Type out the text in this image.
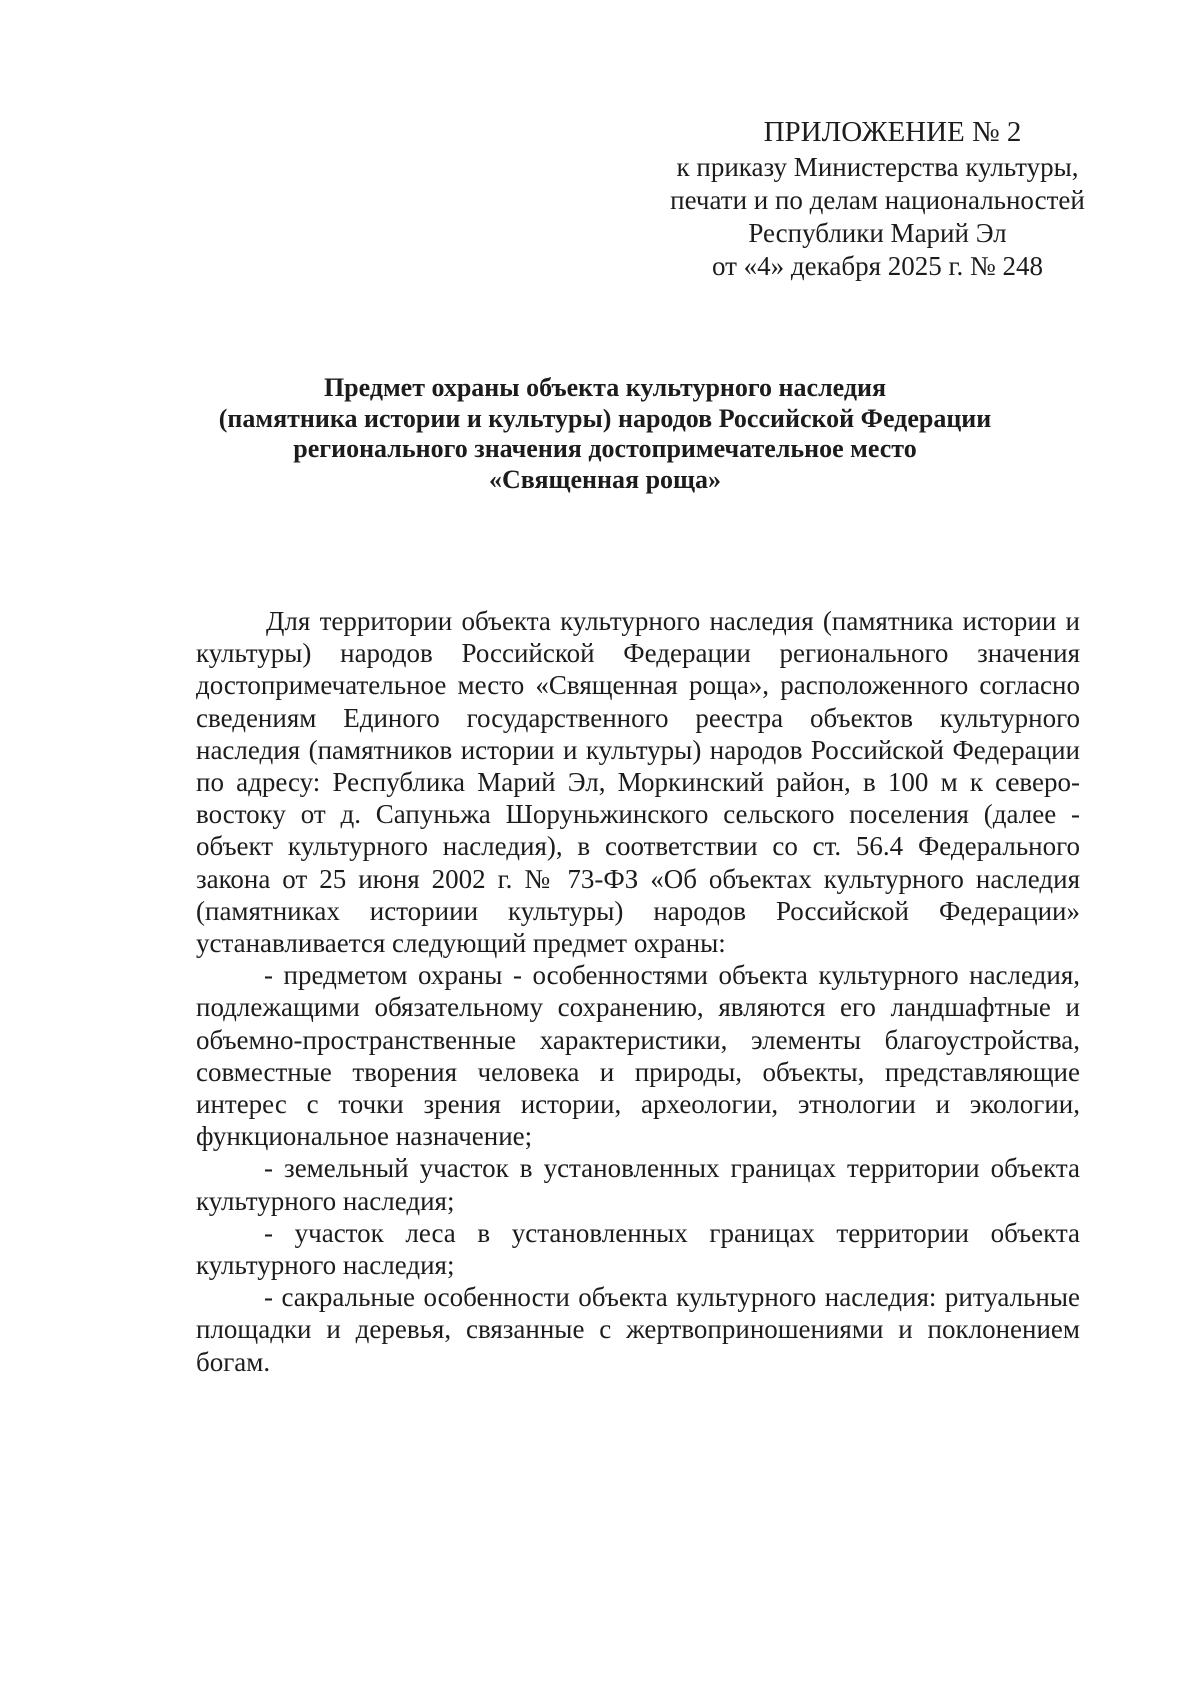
ПРИЛОЖЕНИЕ № 2
к приказу Министерства культуры,
печати и по делам национальностей
Республики Марий Эл
от «4» декабря 2025 г. № 248
Предмет охраны объекта культурного наследия
(памятника истории и культуры) народов Российской Федерации
регионального значения достопримечательное место
«Священная роща»

Для территории объекта культурного наследия (памятника истории и культуры) народов Российской Федерации регионального значения достопримечательное место «Священная роща», расположенного согласно сведениям Единого государственного реестра объектов культурного наследия (памятников истории и культуры) народов Российской Федерации по адресу: Республика Марий Эл, Моркинский район, в 100 м к северо-востоку от д. Сапуньжа Шоруньжинского сельского поселения (далее - объект культурного наследия), в соответствии со ст. 56.4 Федерального закона от 25 июня 2002 г. № 73-ФЗ «Об объектах культурного наследия (памятниках историии культуры) народов Российской Федерации» устанавливается следующий предмет охраны:

- предметом охраны - особенностями объекта культурного наследия, подлежащими обязательному сохранению, являются его ландшафтные и объемно-пространственные характеристики, элементы благоустройства, совместные творения человека и природы, объекты, представляющие интерес с точки зрения истории, археологии, этнологии и экологии, функциональное назначение;

- земельный участок в установленных границах территории объекта культурного наследия;

- участок леса в установленных границах территории объекта культурного наследия;

- сакральные особенности объекта культурного наследия: ритуальные площадки и деревья, связанные с жертвоприношениями и поклонением богам.
